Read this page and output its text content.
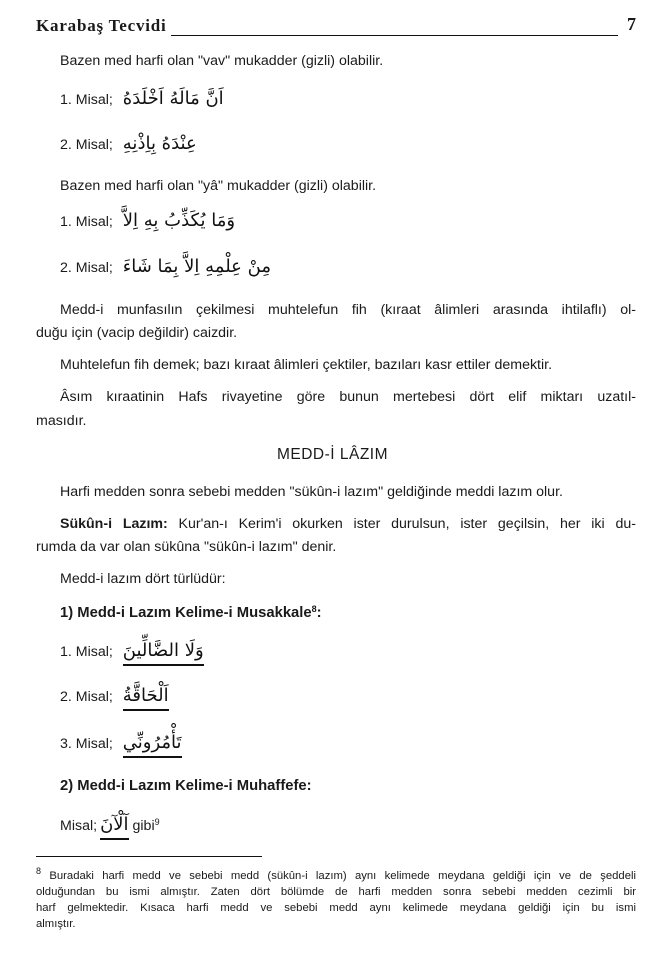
Karabaş Tecvidi	7
Bazen med harfi olan "vav" mukadder (gizli) olabilir.
1. Misal; اَنَّ مَالَهُ اَخْلَدَهُ
2. Misal; عِنْدَهُ بِاِذْنِهِ
Bazen med harfi olan "yâ" mukadder (gizli) olabilir.
1. Misal; وَمَا يُكَذِّبُ بِهِ اِلاَّ
2. Misal; مِنْ عِلْمِهِ اِلاَّ بِمَا شَاءَ
Medd-i munfasılın çekilmesi muhtelefun fih (kıraat âlimleri arasında ihtilaflı) ol-
duğu için (vacip değildir) caizdir.
Muhtelefun fih demek; bazı kıraat âlimleri çektiler, bazıları kasr ettiler demektir.
Âsım kıraatinin Hafs rivayetine göre bunun mertebesi dört elif miktarı uzatıl-
masıdır.
MEDD-İ LÂZIM
Harfi medden sonra sebebi medden "sükûn-i lazım" geldiğinde meddi lazım olur.
Sükûn-i Lazım: Kur'an-ı Kerim'i okurken ister durulsun, ister geçilsin, her iki du-
rumda da var olan sükûna "sükûn-i lazım" denir.
Medd-i lazım dört türlüdür:
1) Medd-i Lazım Kelime-i Musakkale$^8$:
1. Misal; وَلَا الضَّالِّينَ
2. Misal; اَلْحَاقَّةُ
3. Misal; تَأْمُرُونِّي
2) Medd-i Lazım Kelime-i Muhaffefe:
Misal; آلْآنَ gibi$^9$
$^8$ Buradaki harfi medd ve sebebi medd (sükûn-i lazım) aynı kelimede meydana geldiği için ve de şeddeli
olduğundan bu ismi almıştır. Zaten dört bölümde de harfi medden sonra sebebi medden cezimli bir
harf gelmektedir. Kısaca harfi medd ve sebebi medd aynı kelimede meydana geldiği için bu ismi
almıştır.
